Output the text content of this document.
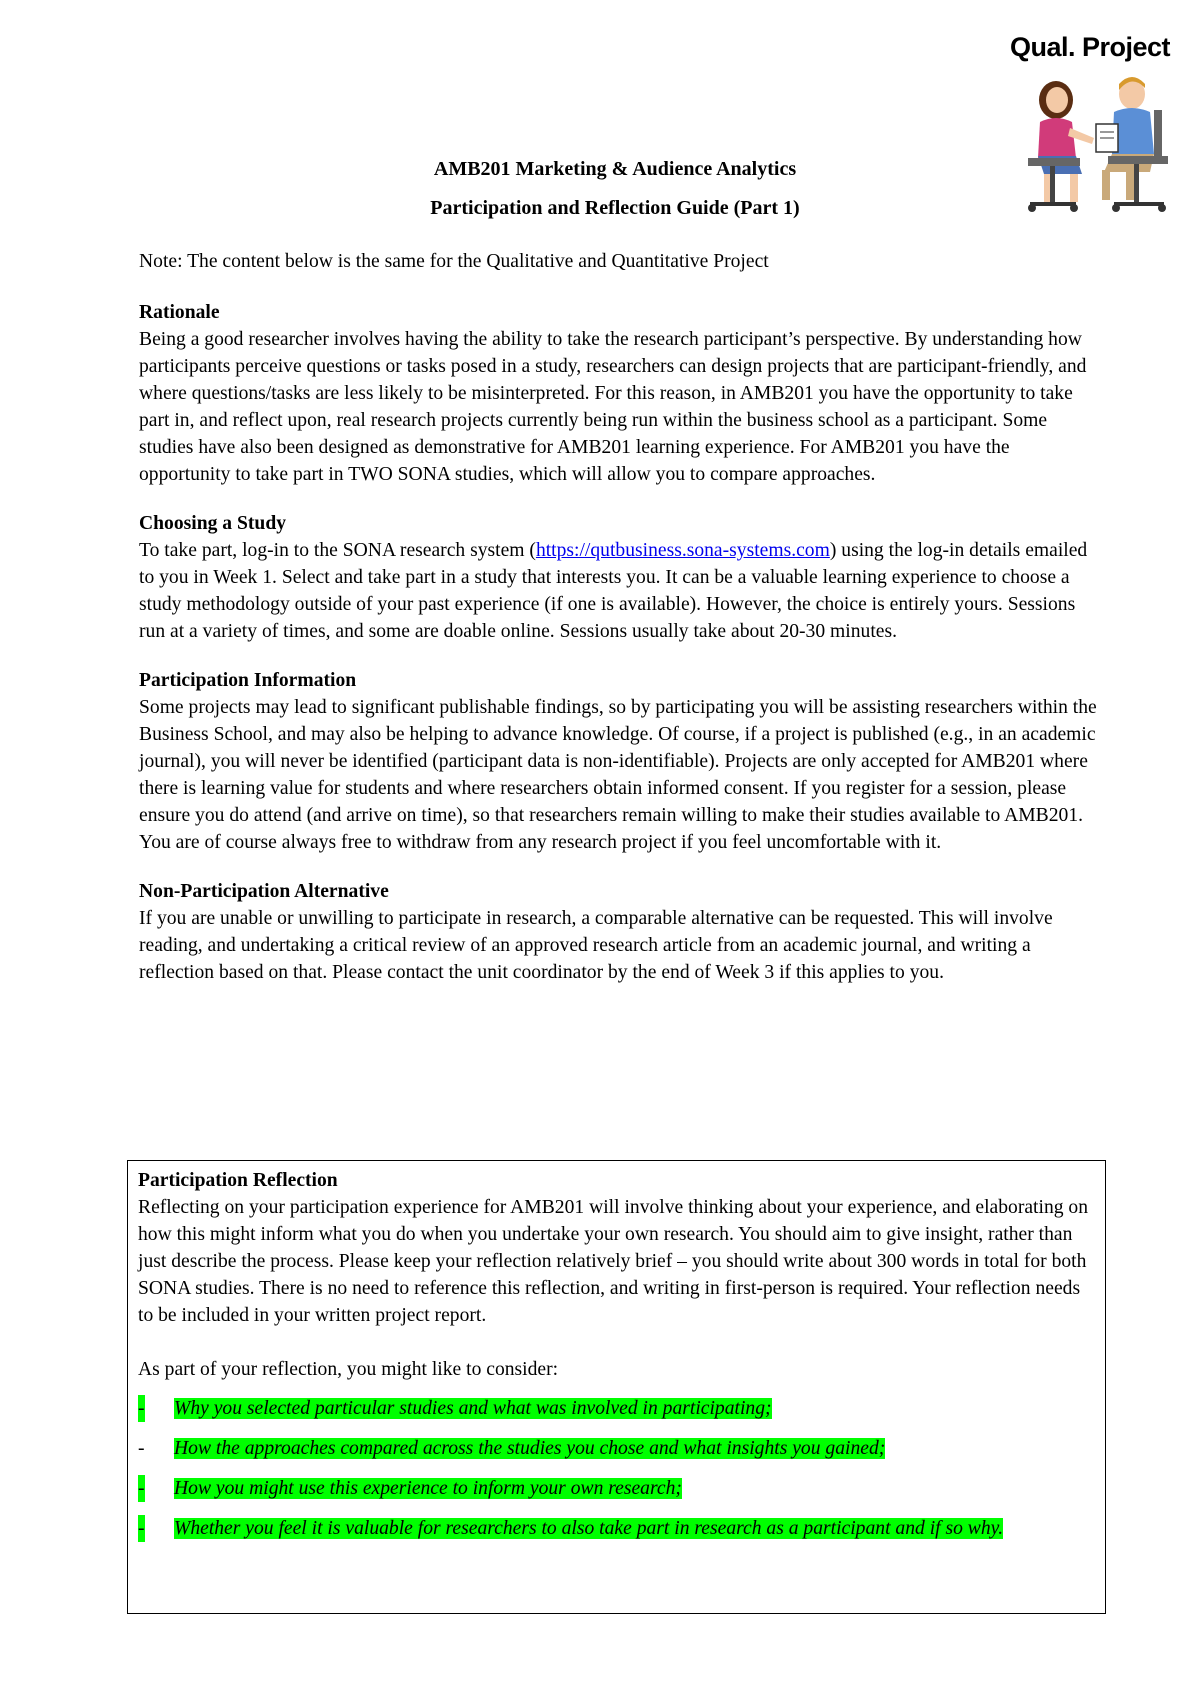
Qual. Project
AMB201 Marketing & Audience Analytics
Participation and Reflection Guide (Part 1)
Note: The content below is the same for the Qualitative and Quantitative Project
Rationale

Being a good researcher involves having the ability to take the research participant’s perspective. By understanding how participants perceive questions or tasks posed in a study, researchers can design projects that are participant-friendly, and where questions/tasks are less likely to be misinterpreted. For this reason, in AMB201 you have the opportunity to take part in, and reflect upon, real research projects currently being run within the business school as a participant. Some studies have also been designed as demonstrative for AMB201 learning experience. For AMB201 you have the opportunity to take part in TWO SONA studies, which will allow you to compare approaches.

Choosing a Study

To take part, log-in to the SONA research system (https://qutbusiness.sona-systems.com) using the log-in details emailed to you in Week 1. Select and take part in a study that interests you. It can be a valuable learning experience to choose a study methodology outside of your past experience (if one is available). However, the choice is entirely yours. Sessions run at a variety of times, and some are doable online. Sessions usually take about 20-30 minutes.

Participation Information

Some projects may lead to significant publishable findings, so by participating you will be assisting researchers within the Business School, and may also be helping to advance knowledge. Of course, if a project is published (e.g., in an academic journal), you will never be identified (participant data is non-identifiable). Projects are only accepted for AMB201 where there is learning value for students and where researchers obtain informed consent. If you register for a session, please ensure you do attend (and arrive on time), so that researchers remain willing to make their studies available to AMB201. You are of course always free to withdraw from any research project if you feel uncomfortable with it.

Non-Participation Alternative

If you are unable or unwilling to participate in research, a comparable alternative can be requested. This will involve reading, and undertaking a critical review of an approved research article from an academic journal, and writing a reflection based on that. Please contact the unit coordinator by the end of Week 3 if this applies to you.

Participation Reflection

Reflecting on your participation experience for AMB201 will involve thinking about your experience, and elaborating on how this might inform what you do when you undertake your own research. You should aim to give insight, rather than just describe the process. Please keep your reflection relatively brief – you should write about 300 words in total for both SONA studies. There is no need to reference this reflection, and writing in first-person is required. Your reflection needs to be included in your written project report.

As part of your reflection, you might like to consider:

- Why you selected particular studies and what was involved in participating;
- How the approaches compared across the studies you chose and what insights you gained;
- How you might use this experience to inform your own research;
- Whether you feel it is valuable for researchers to also take part in research as a participant and if so why.
